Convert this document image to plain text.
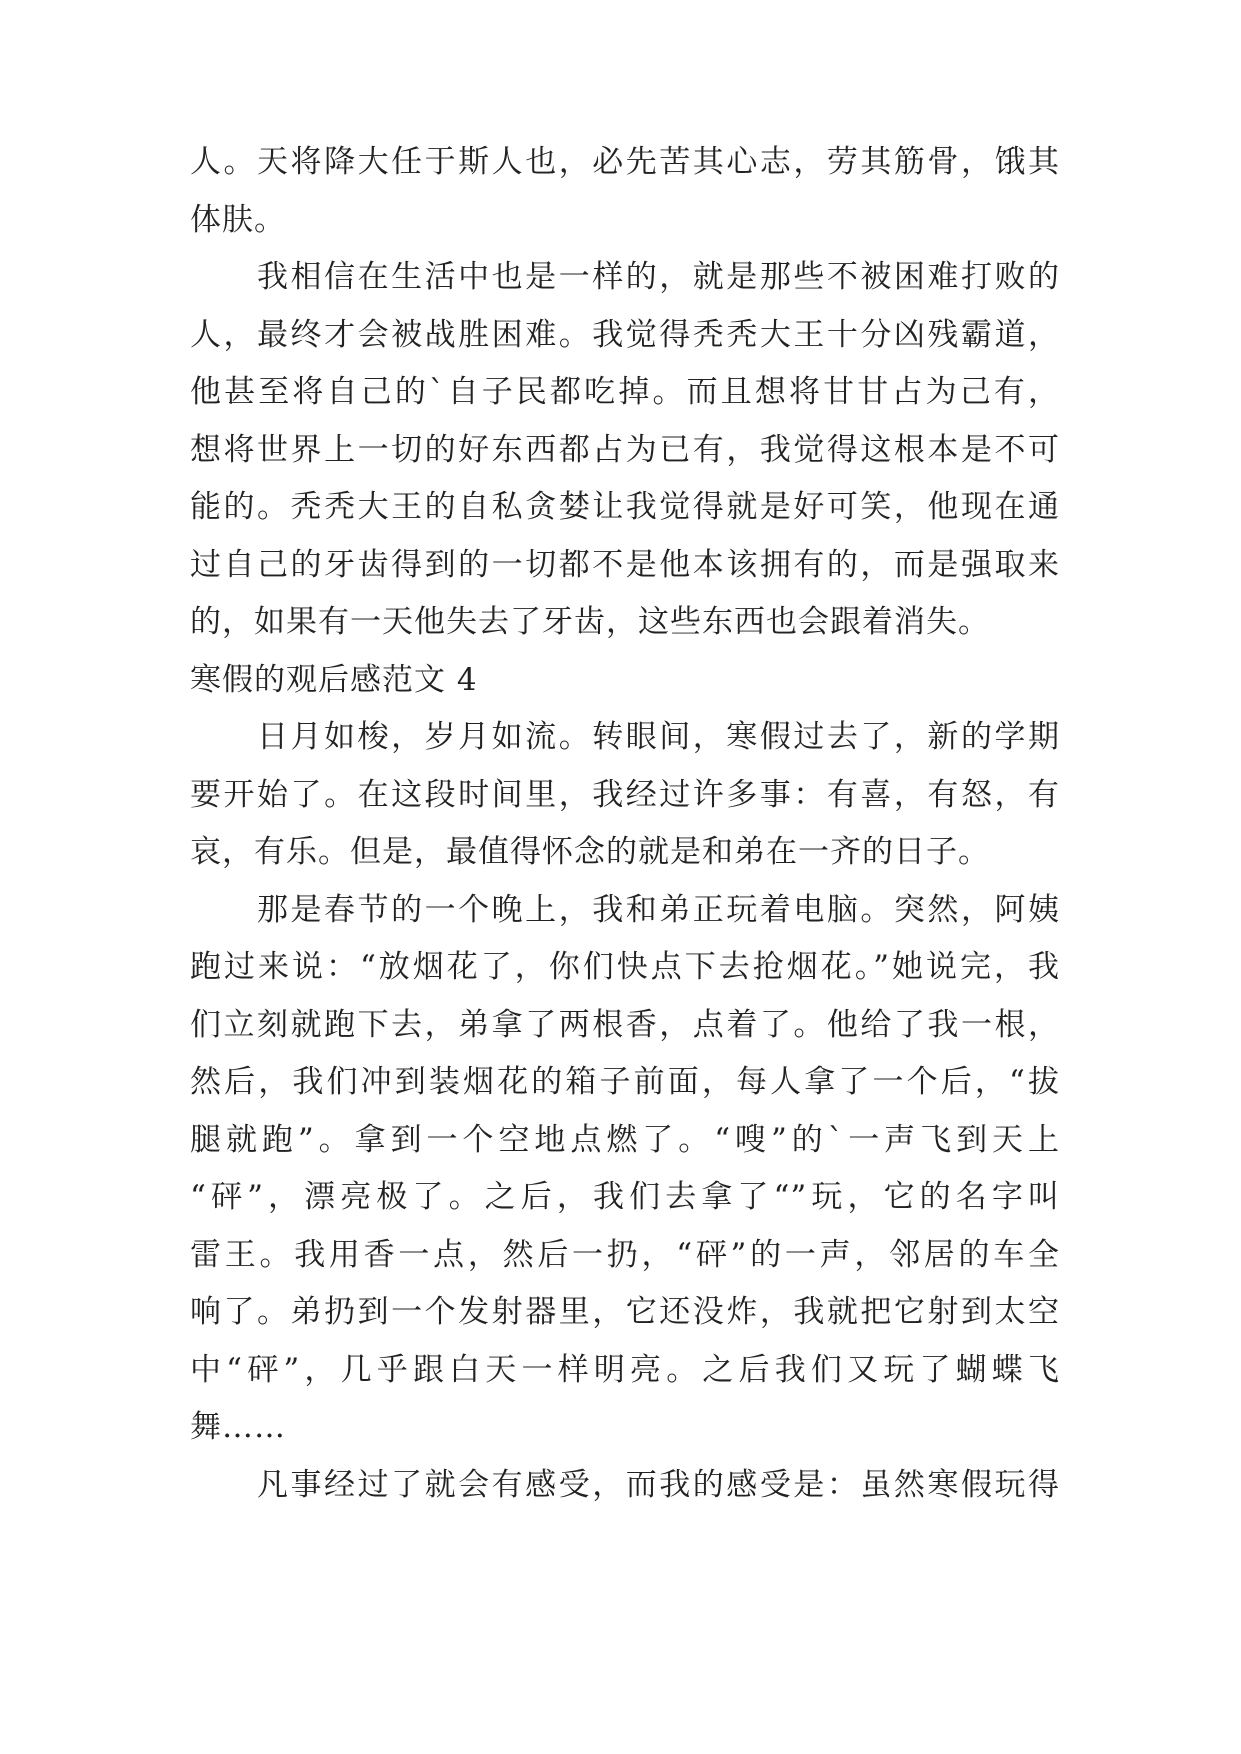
人。天将降大任于斯人也，必先苦其心志，劳其筋骨，饿其
体肤。
我相信在生活中也是一样的，就是那些不被困难打败的
人，最终才会被战胜困难。我觉得秃秃大王十分凶残霸道，
他甚至将自己的`自子民都吃掉。而且想将甘甘占为己有，
想将世界上一切的好东西都占为已有，我觉得这根本是不可
能的。秃秃大王的自私贪婪让我觉得就是好可笑，他现在通
过自己的牙齿得到的一切都不是他本该拥有的，而是强取来
的，如果有一天他失去了牙齿，这些东西也会跟着消失。
寒假的观后感范文 4
日月如梭，岁月如流。转眼间，寒假过去了，新的学期
要开始了。在这段时间里，我经过许多事：有喜，有怒，有
哀，有乐。但是，最值得怀念的就是和弟在一齐的日子。
那是春节的一个晚上，我和弟正玩着电脑。突然，阿姨
跑过来说：“放烟花了，你们快点下去抢烟花。”她说完，我
们立刻就跑下去，弟拿了两根香，点着了。他给了我一根，
然后，我们冲到装烟花的箱子前面，每人拿了一个后，“拔
腿就跑”。拿到一个空地点燃了。“嗖”的`一声飞到天上
“砰”，漂亮极了。之后，我们去拿了“”玩，它的名字叫
雷王。我用香一点，然后一扔，“砰”的一声，邻居的车全
响了。弟扔到一个发射器里，它还没炸，我就把它射到太空
中“砰”，几乎跟白天一样明亮。之后我们又玩了蝴蝶飞
舞……
凡事经过了就会有感受，而我的感受是：虽然寒假玩得
